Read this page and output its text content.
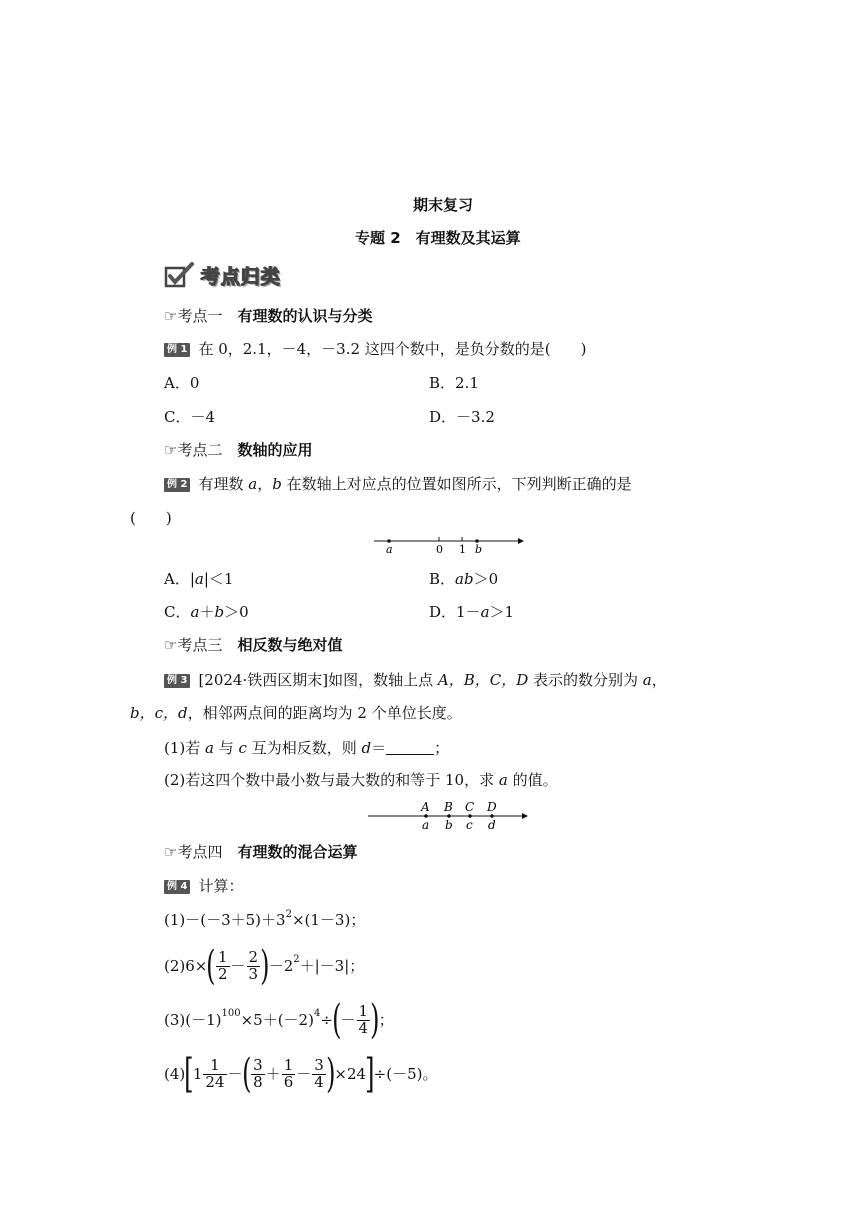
期末复习
专题 2　有理数及其运算
考点归类
☞考点一　 有理数的认识与分类
例 1 在 0，2.1，－4，－3.2 这四个数中，是负分数的是(　　)
A．0	B．2.1
C．－4	D．－3.2
☞考点二　 数轴的应用
例 2 有理数 a，b 在数轴上对应点的位置如图所示，下列判断正确的是
(　　)
a	0 1 b
A．|a|＜1	B．ab＞0
C．a＋b＞0	D．1－a＞1
☞考点三　 相反数与绝对值
例 3 [2024·铁西区期末]如图，数轴上点 A，B，C，D 表示的数分别为 a，
b，c，d，相邻两点间的距离均为 2 个单位长度。
(1)若 a 与 c 互为相反数，则 d＝	；
(2)若这四个数中最小数与最大数的和等于 10，求 a 的值。
A B C D
a b c d
☞考点四　 有理数的混合运算
例 4 计算：
$(1)-(-3+5)+3^2\times(1-3)$；
$(2)6\times( \frac{1}{2} - \frac{2}{3} )-2^2+|-3|$；
$(3)(-1)^{100}\times 5+(-2)^4\div(- \frac{1}{4}$ )；
$(4)[1 \frac{1}{24}$ －( $\frac{3}{8} + \frac{1}{6} - \frac{3}{4} )\times 24]\div(-5)$。
